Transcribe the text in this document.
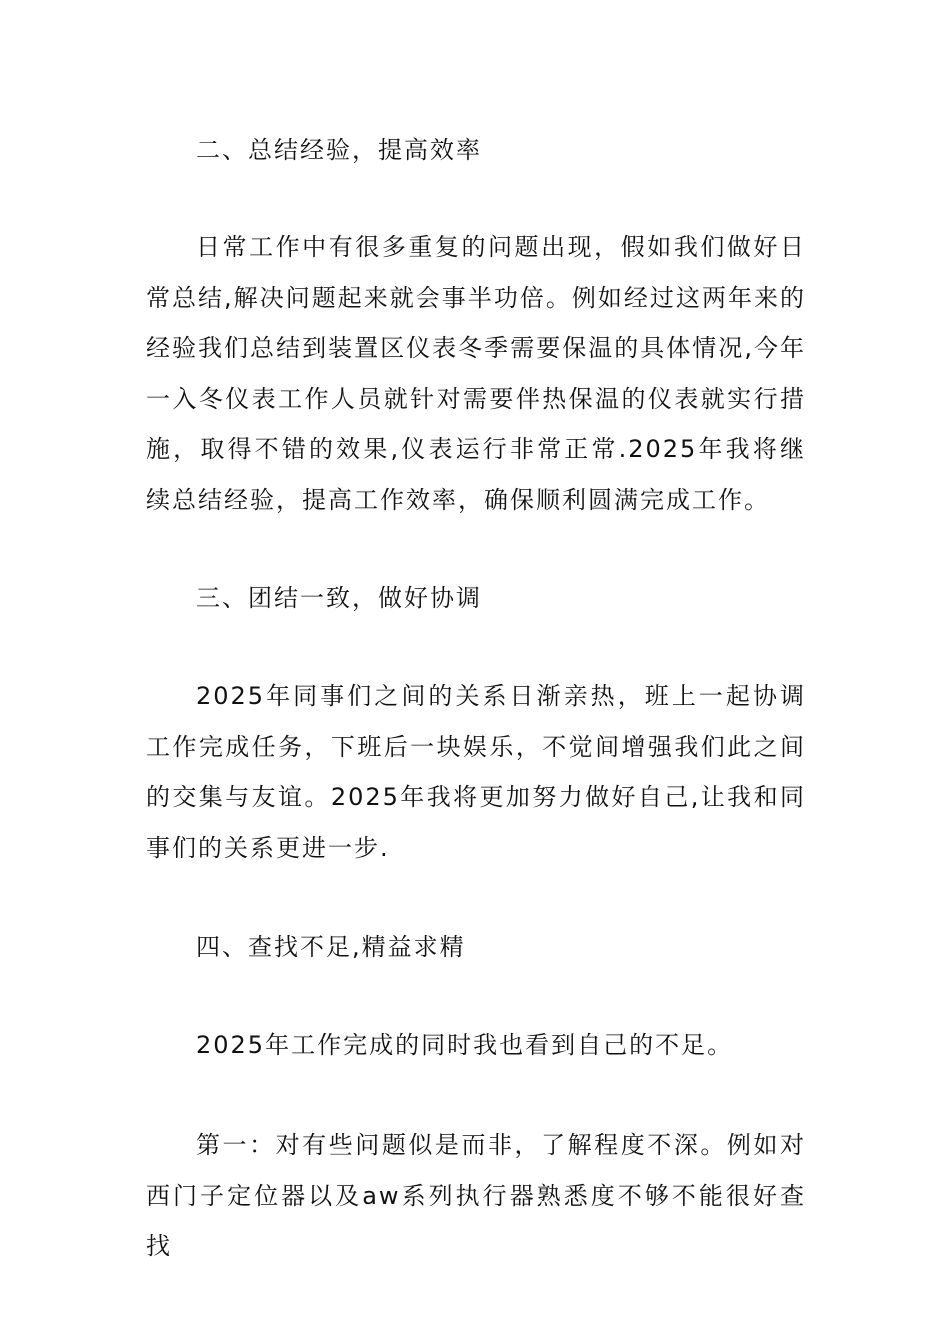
二、总结经验，提高效率
日常工作中有很多重复的问题出现，假如我们做好日常总结,解决问题起来就会事半功倍。例如经过这两年来的经验我们总结到装置区仪表冬季需要保温的具体情况,今年一入冬仪表工作人员就针对需要伴热保温的仪表就实行措施，取得不错的效果,仪表运行非常正常.2025年我将继续总结经验，提高工作效率，确保顺利圆满完成工作。
三、团结一致，做好协调
2025年同事们之间的关系日渐亲热，班上一起协调工作完成任务，下班后一块娱乐，不觉间增强我们此之间的交集与友谊。2025年我将更加努力做好自己,让我和同事们的关系更进一步.
四、查找不足,精益求精
2025年工作完成的同时我也看到自己的不足。
第一：对有些问题似是而非，了解程度不深。例如对西门子定位器以及aw系列执行器熟悉度不够不能很好查找
